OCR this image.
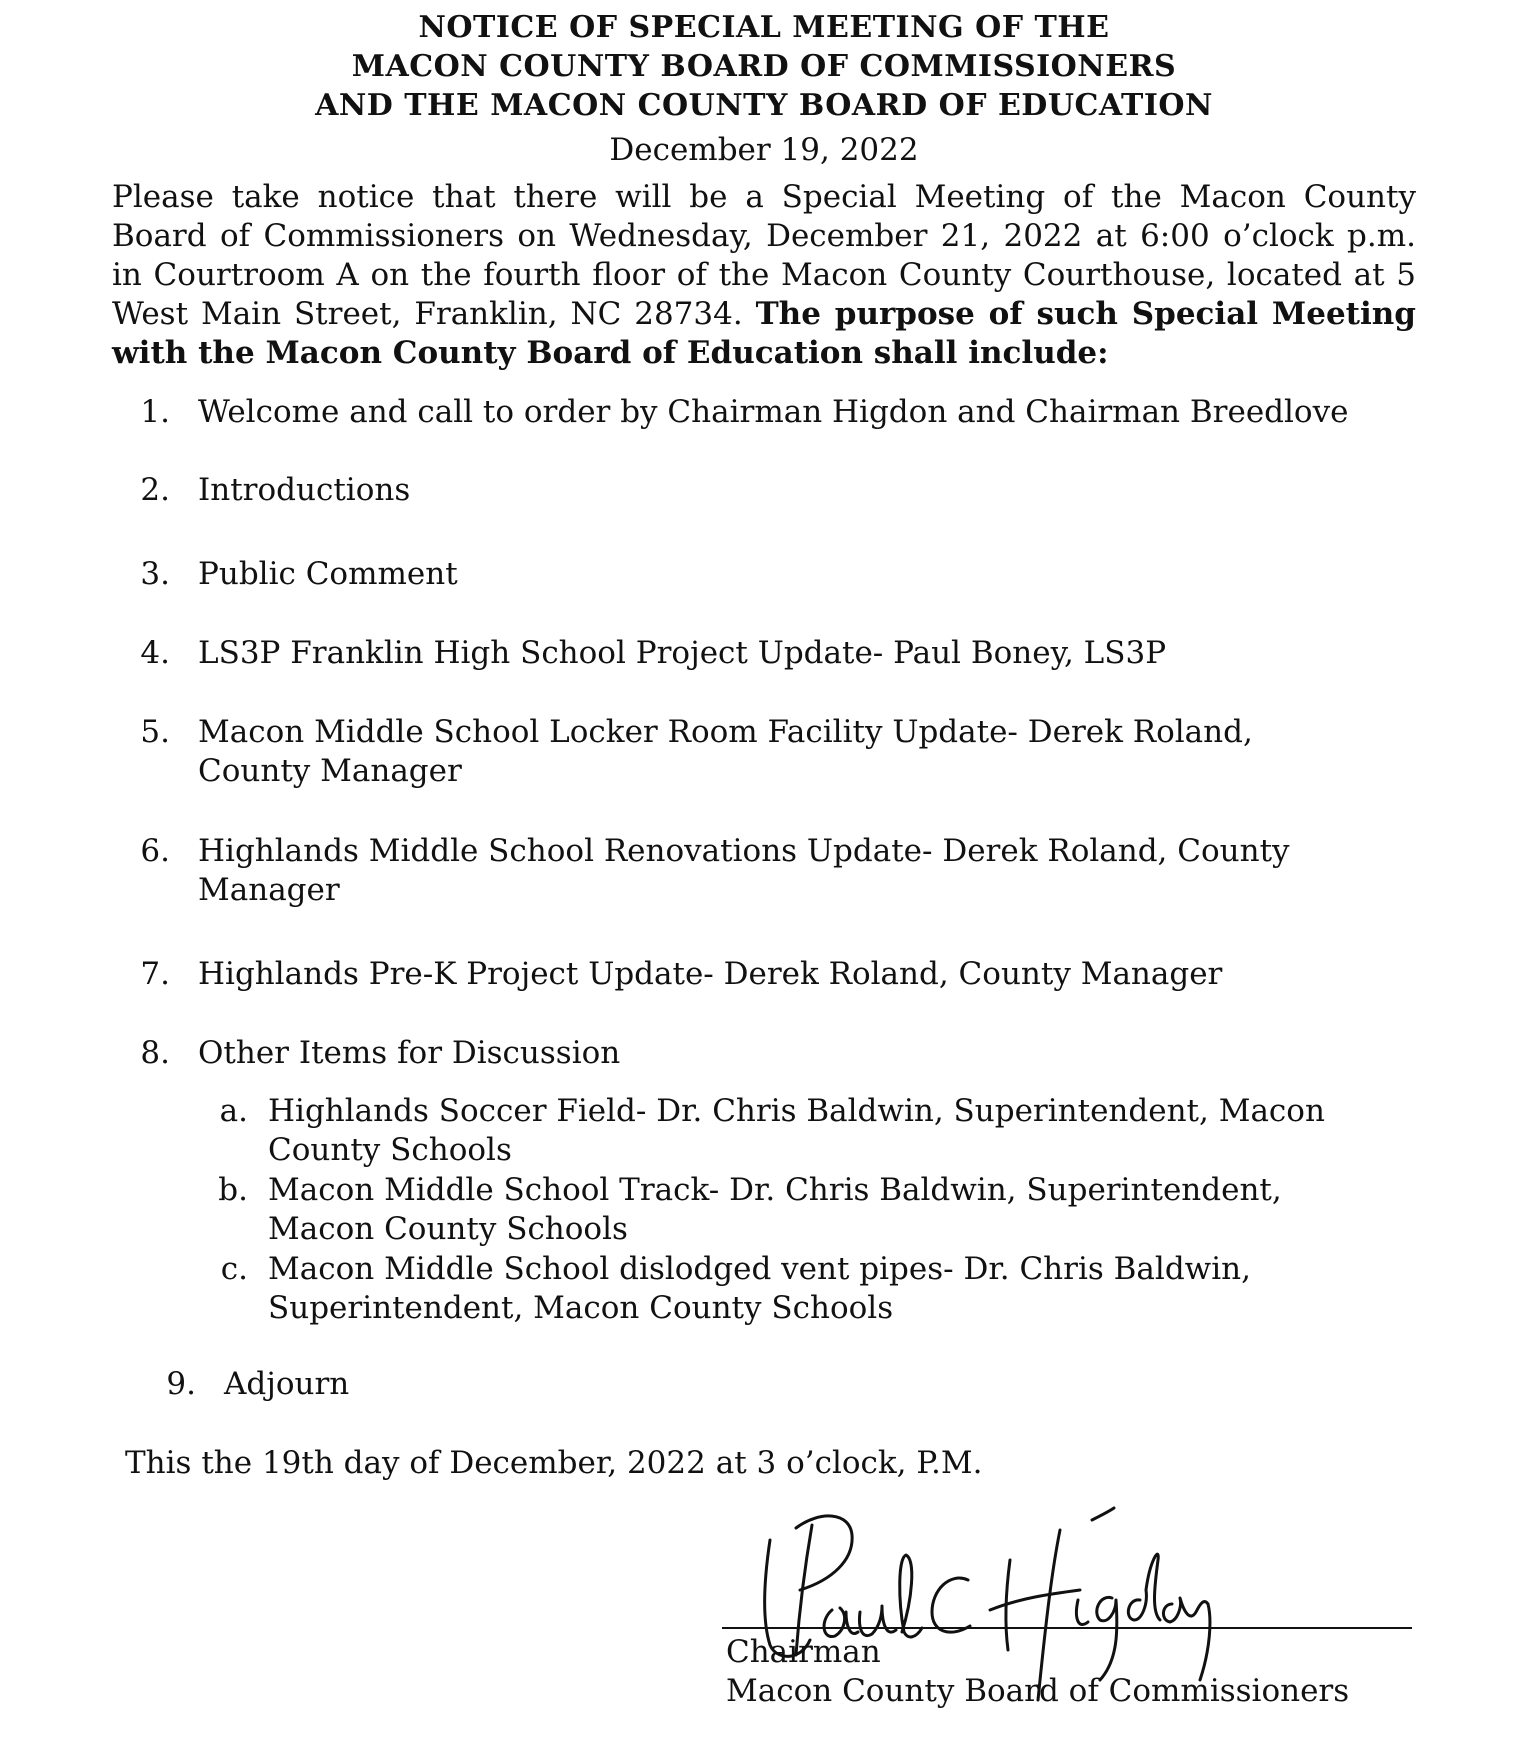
NOTICE OF SPECIAL MEETING OF THE
MACON COUNTY BOARD OF COMMISSIONERS
AND THE MACON COUNTY BOARD OF EDUCATION
December 19, 2022
Please take notice that there will be a Special Meeting of the Macon County Board of Commissioners on Wednesday, December 21, 2022 at 6:00 o’clock p.m. in Courtroom A on the fourth floor of the Macon County Courthouse, located at 5 West Main Street, Franklin, NC 28734. The purpose of such Special Meeting with the Macon County Board of Education shall include:
1. Welcome and call to order by Chairman Higdon and Chairman Breedlove
2. Introductions
3. Public Comment
4. LS3P Franklin High School Project Update- Paul Boney, LS3P
5. Macon Middle School Locker Room Facility Update- Derek Roland,
County Manager
6. Highlands Middle School Renovations Update- Derek Roland, County
Manager
7. Highlands Pre-K Project Update- Derek Roland, County Manager
8. Other Items for Discussion
a. Highlands Soccer Field- Dr. Chris Baldwin, Superintendent, Macon
County Schools
b. Macon Middle School Track- Dr. Chris Baldwin, Superintendent,
Macon County Schools
c. Macon Middle School dislodged vent pipes- Dr. Chris Baldwin,
Superintendent, Macon County Schools
9. Adjourn
This the 19th day of December, 2022 at 3 o’clock, P.M.
Chairman
Macon County Board of Commissioners
